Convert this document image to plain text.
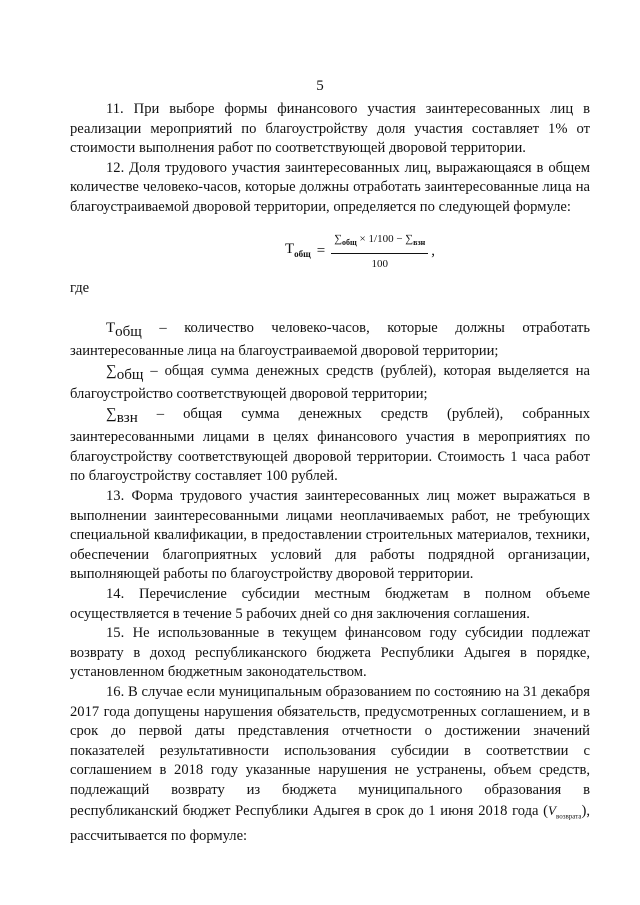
5

11. При выборе формы финансового участия заинтересованных лиц в реализации мероприятий по благоустройству доля участия составляет 1% от стоимости выполнения работ по соответствующей дворовой территории.

12. Доля трудового участия заинтересованных лиц, выражающаяся в общем количестве человеко-часов, которые должны отработать заинтересованные лица на благоустраиваемой дворовой территории, определяется по следующей формуле:

$Т_{общ} = \frac{\sum_{общ} \times 1/100 - \sum_{взн}}{100}$ ,

где

$Т_{общ}$ – количество человеко-часов, которые должны отработать заинтересованные лица на благоустраиваемой дворовой территории;

$\sum_{общ}$ – общая сумма денежных средств (рублей), которая выделяется на благоустройство соответствующей дворовой территории;

$\sum_{взн}$ – общая сумма денежных средств (рублей), собранных заинтересованными лицами в целях финансового участия в мероприятиях по благоустройству соответствующей дворовой территории. Стоимость 1 часа работ по благоустройству составляет 100 рублей.

13. Форма трудового участия заинтересованных лиц может выражаться в выполнении заинтересованными лицами неоплачиваемых работ, не требующих специальной квалификации, в предоставлении строительных материалов, техники, обеспечении благоприятных условий для работы подрядной организации, выполняющей работы по благоустройству дворовой территории.

14. Перечисление субсидии местным бюджетам в полном объеме осуществляется в течение 5 рабочих дней со дня заключения соглашения.

15. Не использованные в текущем финансовом году субсидии подлежат возврату в доход республиканского бюджета Республики Адыгея в порядке, установленном бюджетным законодательством.

16. В случае если муниципальным образованием по состоянию на 31 декабря 2017 года допущены нарушения обязательств, предусмотренных соглашением, и в срок до первой даты представления отчетности о достижении значений показателей результативности использования субсидии в соответствии с соглашением в 2018 году указанные нарушения не устранены, объем средств, подлежащий возврату из бюджета муниципального образования в республиканский бюджет Республики Адыгея в срок до 1 июня 2018 года $(V_{возврата})$, рассчитывается по формуле:
